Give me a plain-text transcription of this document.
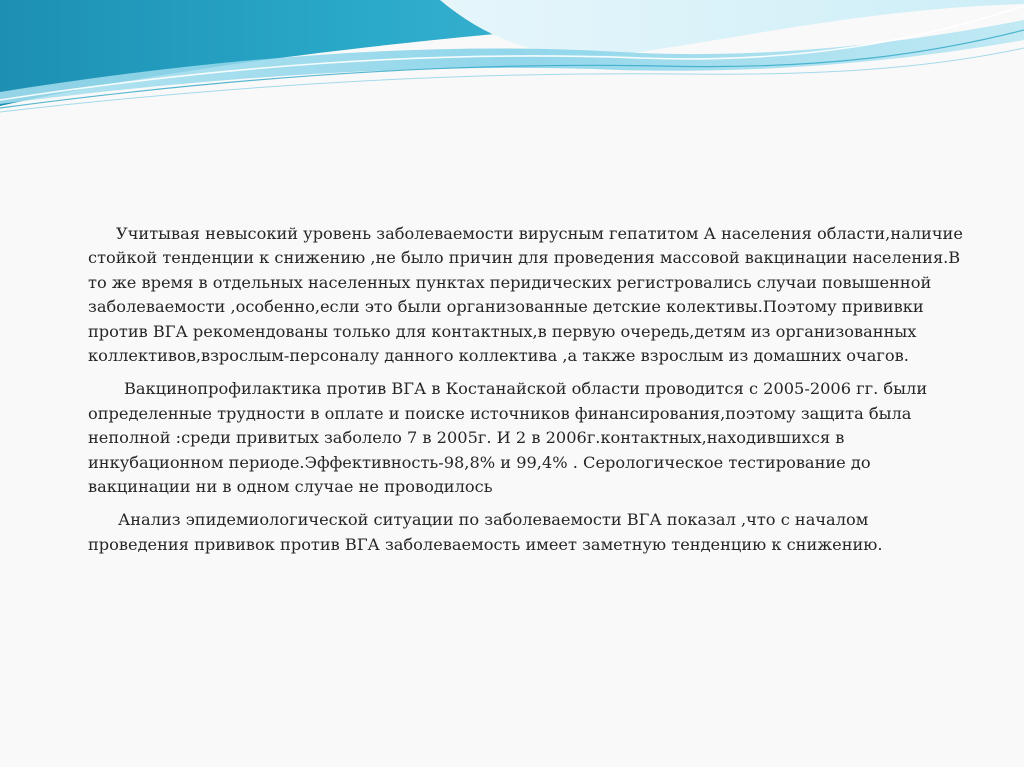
Учитывая невысокий уровень заболеваемости вирусным гепатитом А населения области,наличие стойкой тенденции к снижению ,не было причин для проведения массовой вакцинации населения.В то же время в отдельных населенных пунктах перидических регистровались случаи повышенной заболеваемости ,особенно,если это были организованные детские колективы.Поэтому прививки против ВГА рекомендованы только для контактных,в первую очередь,детям из организованных коллективов,взрослым-персоналу данного коллектива ,а также взрослым из домашних очагов.

Вакцинопрофилактика против ВГА в Костанайской области проводится с 2005-2006 гг. были определенные трудности в оплате и поиске источников финансирования,поэтому защита была неполной :среди привитых заболело 7 в 2005г. И 2 в 2006г.контактных,находившихся в инкубационном периоде.Эффективность-98,8% и 99,4% . Серологическое тестирование до вакцинации ни в одном случае не проводилось

Анализ эпидемиологической ситуации по заболеваемости ВГА показал ,что с началом проведения прививок против ВГА заболеваемость имеет заметную тенденцию к снижению.
